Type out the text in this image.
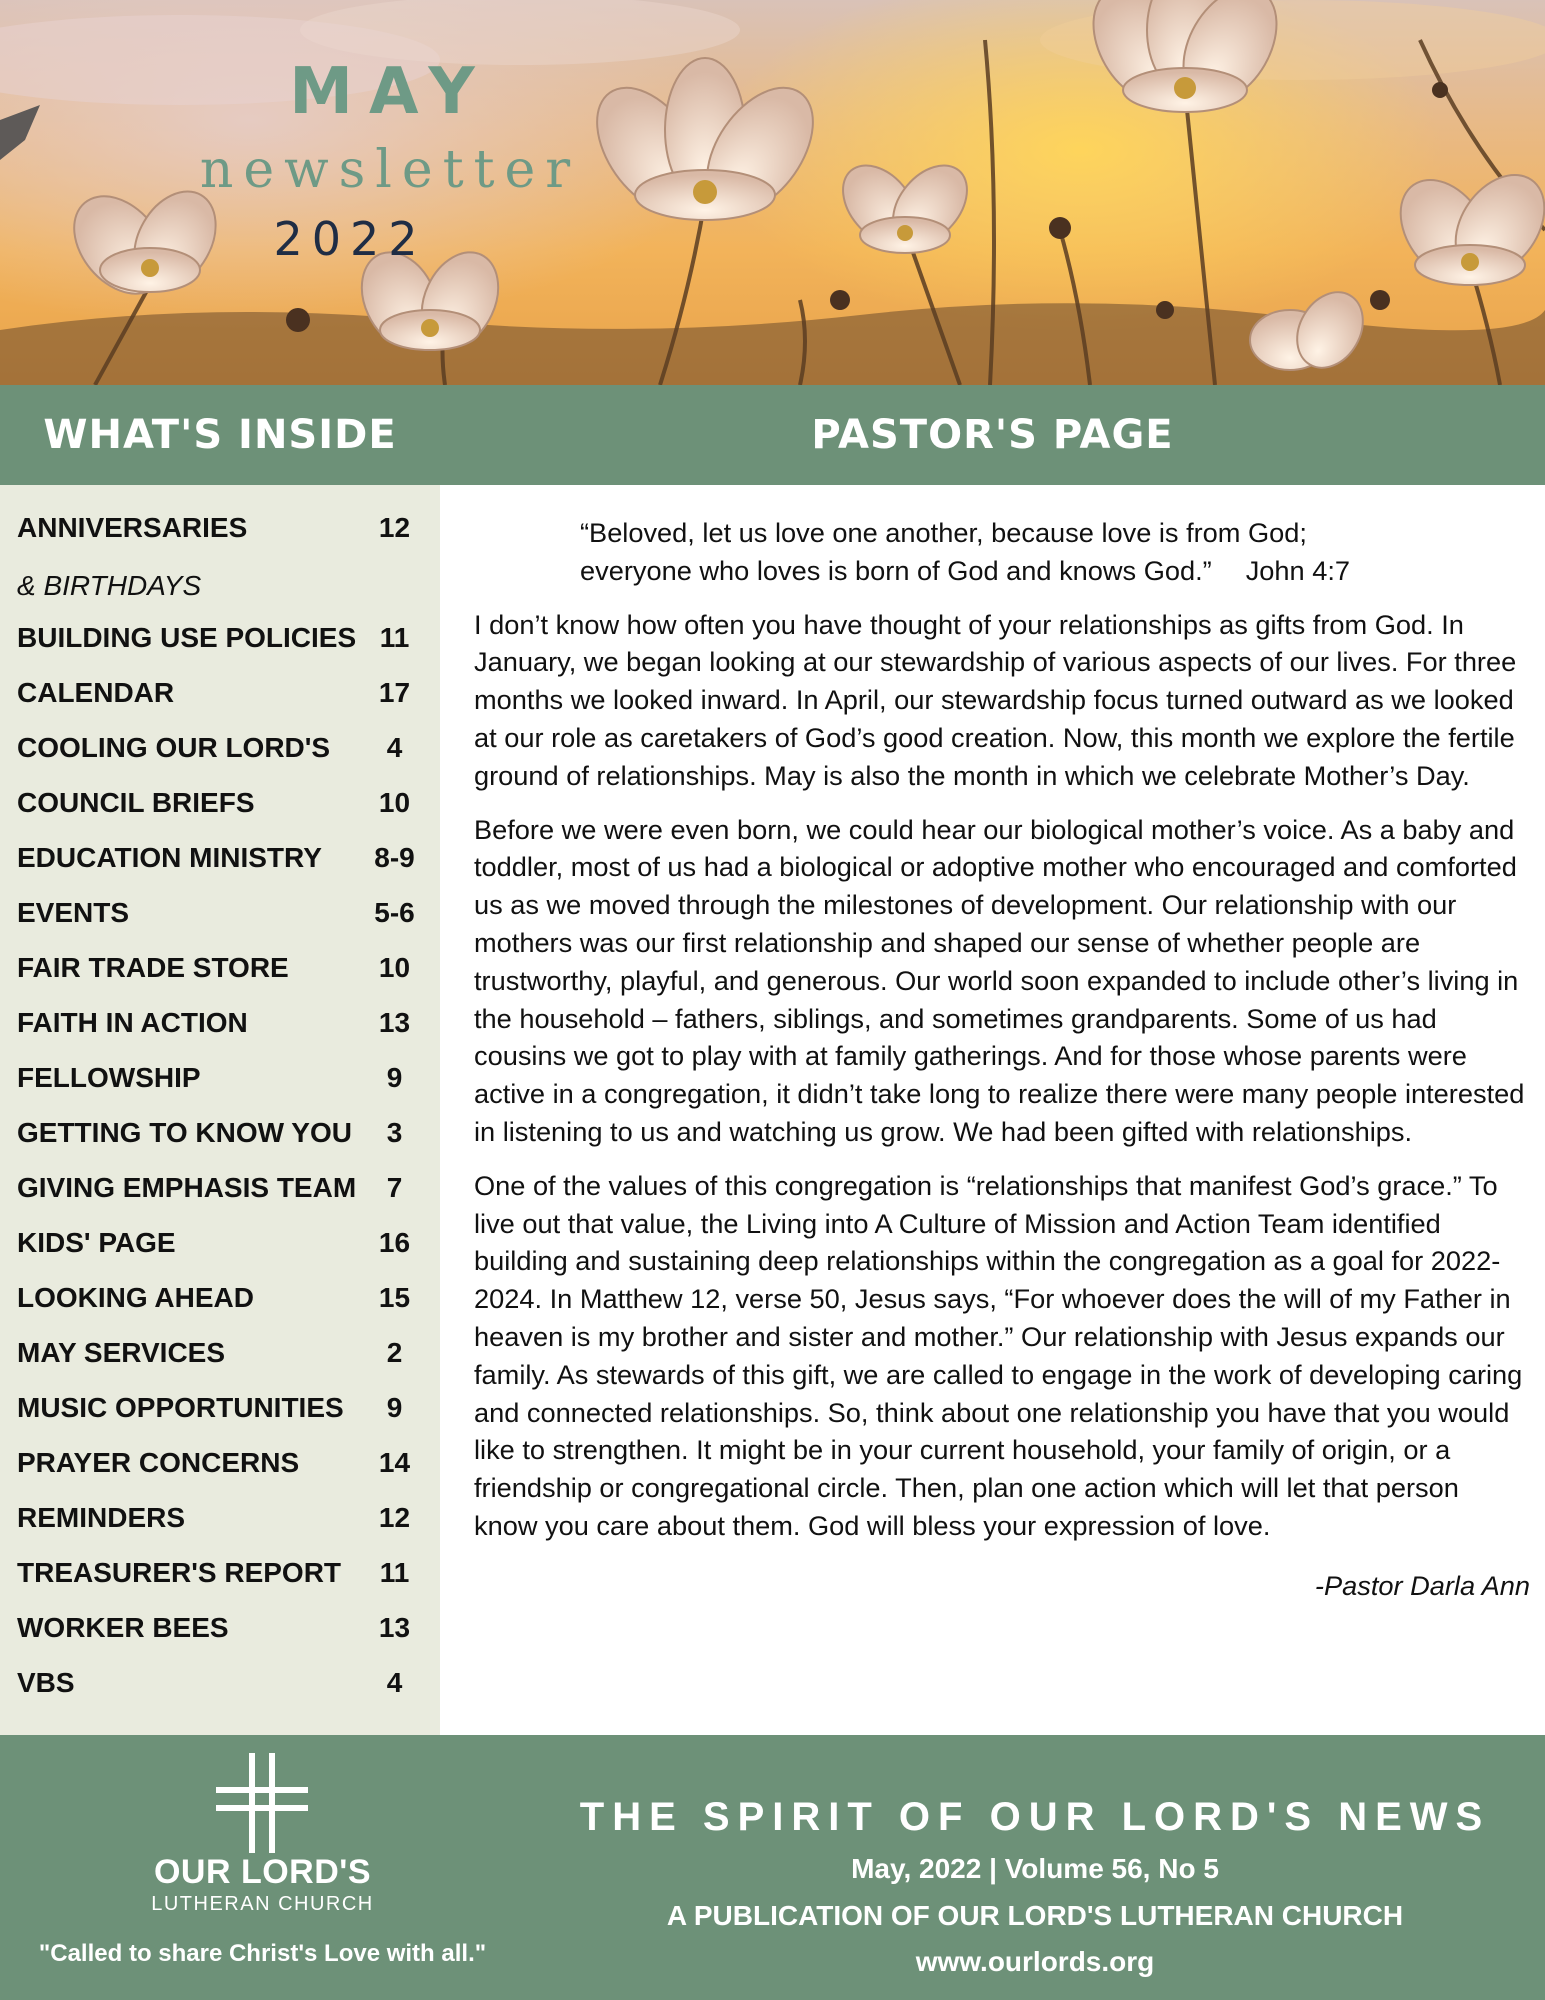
MAY
newsletter
2022
WHAT'S INSIDE	PASTOR'S PAGE
ANNIVERSARIES	12
& BIRTHDAYS
BUILDING USE POLICIES 11
CALENDAR	17
COOLING OUR LORD'S	4
COUNCIL BRIEFS	10
EDUCATION MINISTRY 8-9
EVENTS	5-6
FAIR TRADE STORE	10
FAITH IN ACTION	13
FELLOWSHIP	9
GETTING TO KNOW YOU	3
GIVING EMPHASIS TEAM	7
KIDS' PAGE	16
LOOKING AHEAD	15
MAY SERVICES	2
MUSIC OPPORTUNITIES	9
PRAYER CONCERNS	14
REMINDERS	12
TREASURER'S REPORT	11
WORKER BEES	13
VBS	4
“Beloved, let us love one another, because love is from God;
everyone who loves is born of God and knows God.” John 4:7

I don’t know how often you have thought of your relationships as gifts from God. In January, we began looking at our stewardship of various aspects of our lives. For three months we looked inward. In April, our stewardship focus turned outward as we looked at our role as caretakers of God’s good creation. Now, this month we explore the fertile ground of relationships. May is also the month in which we celebrate Mother’s Day.

Before we were even born, we could hear our biological mother’s voice. As a baby and toddler, most of us had a biological or adoptive mother who encouraged and comforted us as we moved through the milestones of development. Our relationship with our mothers was our first relationship and shaped our sense of whether people are trustworthy, playful, and generous. Our world soon expanded to include other’s living in the household – fathers, siblings, and sometimes grandparents. Some of us had cousins we got to play with at family gatherings. And for those whose parents were active in a congregation, it didn’t take long to realize there were many people interested in listening to us and watching us grow. We had been gifted with relationships.

One of the values of this congregation is “relationships that manifest God’s grace.” To live out that value, the Living into A Culture of Mission and Action Team identified building and sustaining deep relationships within the congregation as a goal for 2022-2024. In Matthew 12, verse 50, Jesus says, “For whoever does the will of my Father in heaven is my brother and sister and mother.” Our relationship with Jesus expands our family. As stewards of this gift, we are called to engage in the work of developing caring and connected relationships. So, think about one relationship you have that you would like to strengthen. It might be in your current household, your family of origin, or a friendship or congregational circle. Then, plan one action which will let that person know you care about them. God will bless your expression of love.

-Pastor Darla Ann
OUR LORD'S
LUTHERAN CHURCH
"Called to share Christ's Love with all."
THE SPIRIT OF OUR LORD'S NEWS
May, 2022 | Volume 56, No 5
A PUBLICATION OF OUR LORD'S LUTHERAN CHURCH
www.ourlords.org
